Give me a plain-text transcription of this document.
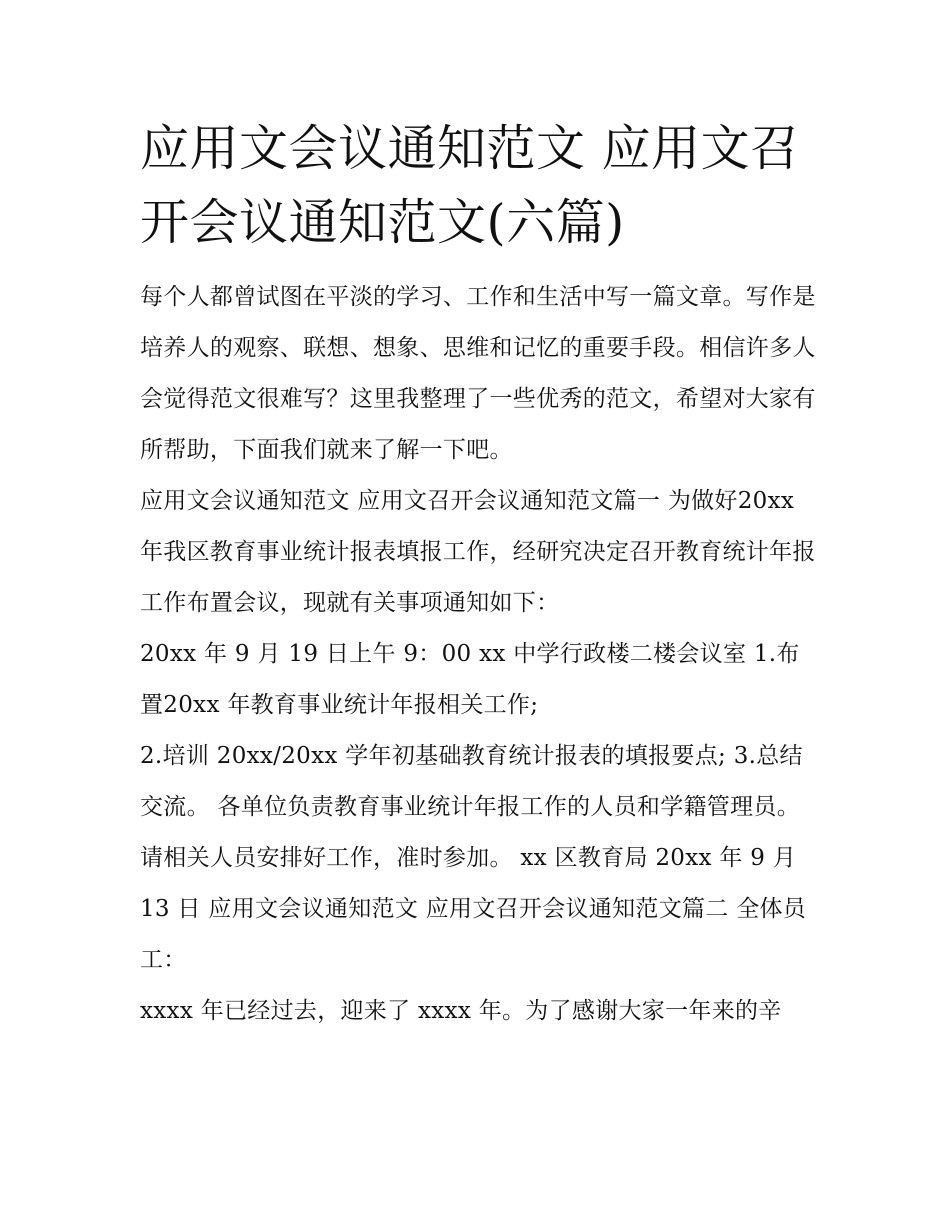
应用文会议通知范文 应用文召开会议通知范文(六篇)

每个人都曾试图在平淡的学习、工作和生活中写一篇文章。写作是培养人的观察、联想、想象、思维和记忆的重要手段。相信许多人会觉得范文很难写？这里我整理了一些优秀的范文，希望对大家有所帮助，下面我们就来了解一下吧。

应用文会议通知范文 应用文召开会议通知范文篇一 为做好20xx 年我区教育事业统计报表填报工作，经研究决定召开教育统计年报工作布置会议，现就有关事项通知如下：

20xx 年 9 月 19 日上午 9：00 xx 中学行政楼二楼会议室 1.布置20xx 年教育事业统计年报相关工作;

2.培训 20xx/20xx 学年初基础教育统计报表的填报要点; 3.总结交流。 各单位负责教育事业统计年报工作的人员和学籍管理员。

请相关人员安排好工作，准时参加。 xx 区教育局 20xx 年 9 月13 日 应用文会议通知范文 应用文召开会议通知范文篇二 全体员工：

xxxx 年已经过去，迎来了 xxxx 年。为了感谢大家一年来的辛
